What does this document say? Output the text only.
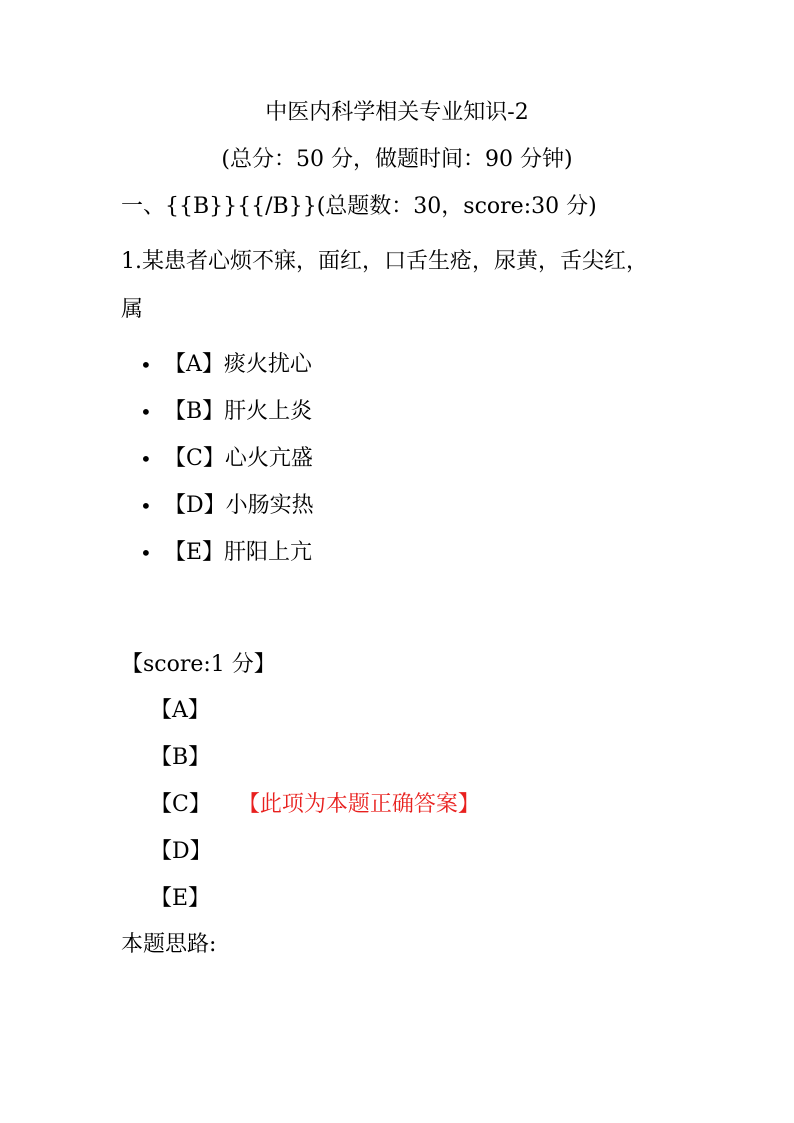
中医内科学相关专业知识-2
(总分：50 分，做题时间：90 分钟)
一、{{B}}{{/B}}(总题数：30，score:30 分)
1.某患者心烦不寐，面红，口舌生疮，尿黄，舌尖红，属
• 【A】痰火扰心
• 【B】肝火上炎
• 【C】心火亢盛
• 【D】小肠实热
• 【E】肝阳上亢
【score:1 分】
【A】
【B】
【C】 【此项为本题正确答案】
【D】
【E】
本题思路:
